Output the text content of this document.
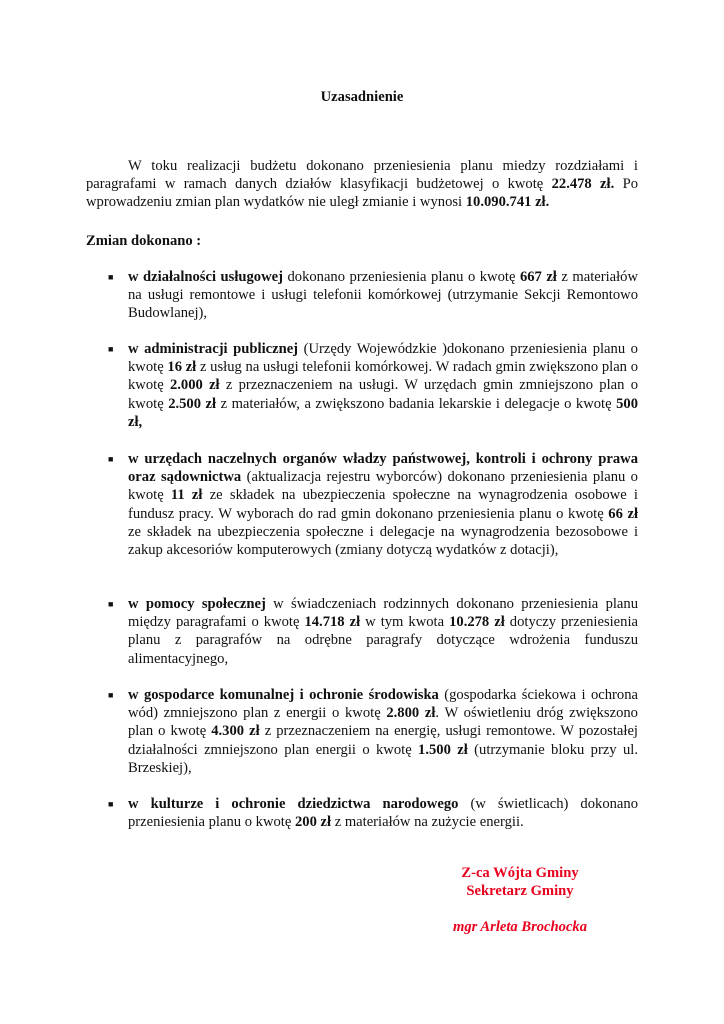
Uzasadnienie

W toku realizacji budżetu dokonano przeniesienia planu miedzy rozdziałami i paragrafami w ramach danych działów klasyfikacji budżetowej o kwotę 22.478 zł. Po wprowadzeniu zmian plan wydatków nie uległ zmianie i wynosi 10.090.741 zł.

Zmian dokonano :
■ w działalności usługowej dokonano przeniesienia planu o kwotę 667 zł z materiałów na usługi remontowe i usługi telefonii komórkowej (utrzymanie Sekcji Remontowo Budowlanej),

■ w administracji publicznej (Urzędy Wojewódzkie )dokonano przeniesienia planu o kwotę 16 zł z usług na usługi telefonii komórkowej. W radach gmin zwiększono plan o kwotę 2.000 zł z przeznaczeniem na usługi. W urzędach gmin zmniejszono plan o kwotę 2.500 zł z materiałów, a zwiększono badania lekarskie i delegacje o kwotę 500 zł,

■ w urzędach naczelnych organów władzy państwowej, kontroli i ochrony prawa oraz sądownictwa (aktualizacja rejestru wyborców) dokonano przeniesienia planu o kwotę 11 zł ze składek na ubezpieczenia społeczne na wynagrodzenia osobowe i fundusz pracy. W wyborach do rad gmin dokonano przeniesienia planu o kwotę 66 zł ze składek na ubezpieczenia społeczne i delegacje na wynagrodzenia bezosobowe i zakup akcesoriów komputerowych (zmiany dotyczą wydatków z dotacji),

■ w pomocy społecznej w świadczeniach rodzinnych dokonano przeniesienia planu między paragrafami o kwotę 14.718 zł w tym kwota 10.278 zł dotyczy przeniesienia planu z paragrafów na odrębne paragrafy dotyczące wdrożenia funduszu alimentacyjnego,

■ w gospodarce komunalnej i ochronie środowiska (gospodarka ściekowa i ochrona wód) zmniejszono plan z energii o kwotę 2.800 zł. W oświetleniu dróg zwiększono plan o kwotę 4.300 zł z przeznaczeniem na energię, usługi remontowe. W pozostałej działalności zmniejszono plan energii o kwotę 1.500 zł (utrzymanie bloku przy ul. Brzeskiej),

■ w kulturze i ochronie dziedzictwa narodowego (w świetlicach) dokonano przeniesienia planu o kwotę 200 zł z materiałów na zużycie energii.

Z-ca Wójta Gminy
Sekretarz Gminy
mgr Arleta Brochocka
